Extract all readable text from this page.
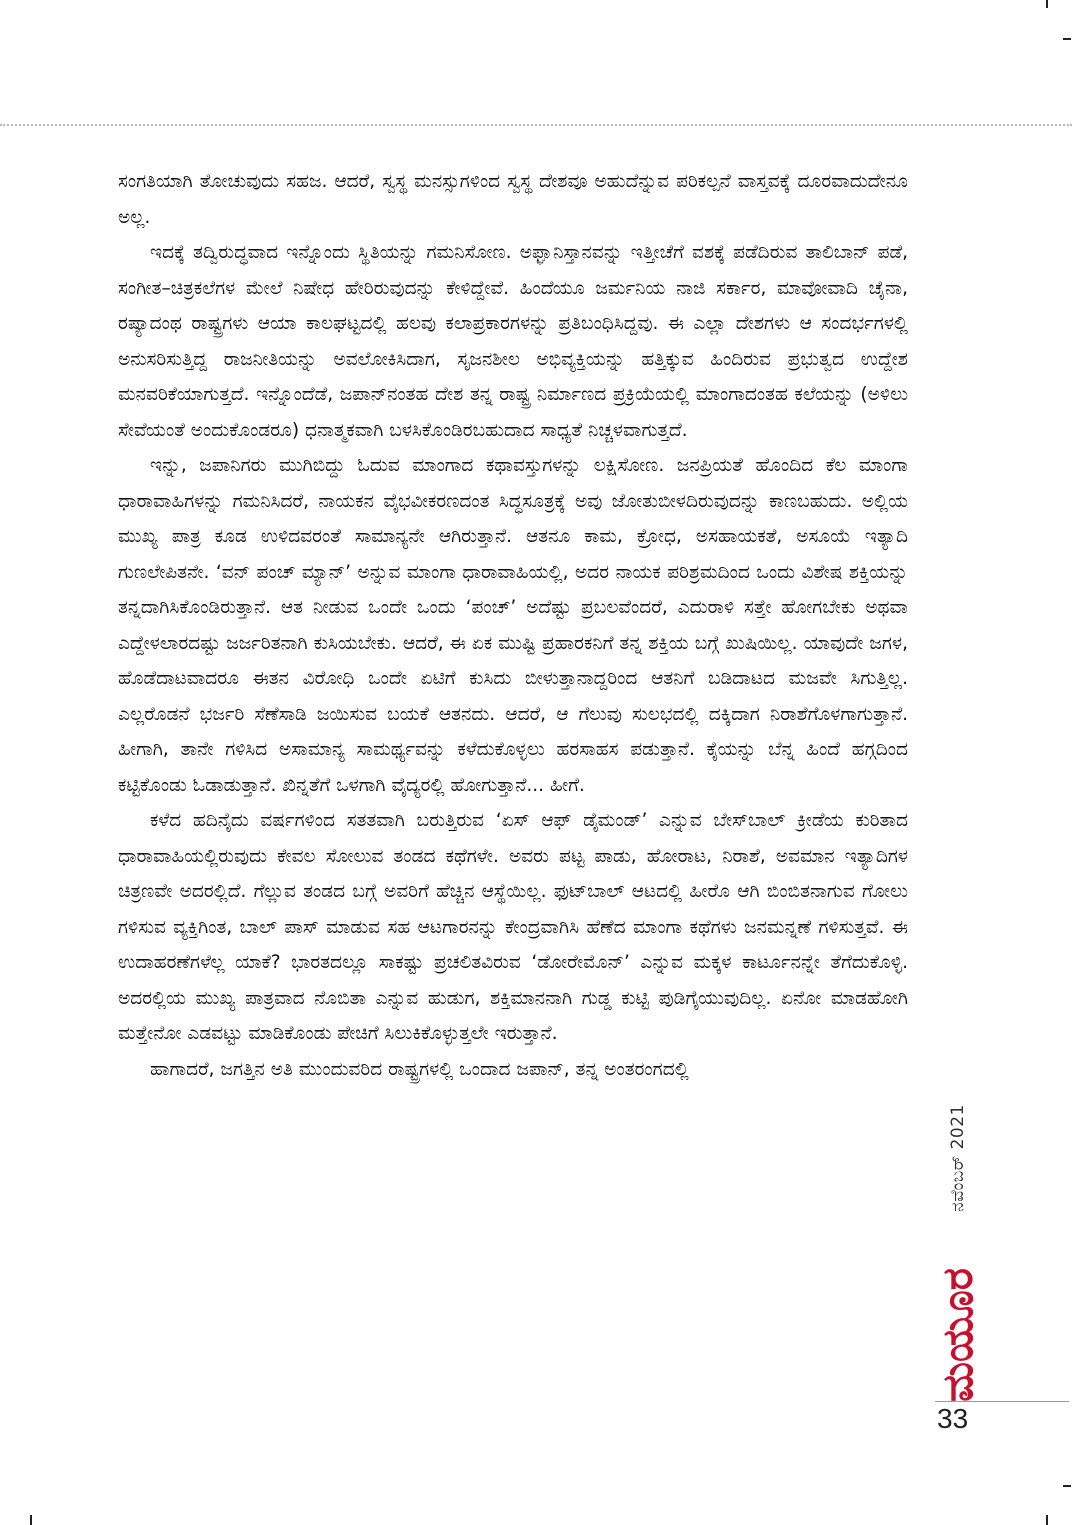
ಸಂಗತಿಯಾಗಿ ತೋಚುವುದು ಸಹಜ. ಆದರೆ, ಸ್ವಸ್ಥ ಮನಸ್ಸುಗಳಿಂದ ಸ್ವಸ್ಥ ದೇಶವೂ ಅಹುದೆನ್ನುವ ಪರಿಕಲ್ಪನೆ ವಾಸ್ತವಕ್ಕೆ ದೂರವಾದುದೇನೂ ಅಲ್ಲ.

ಇದಕ್ಕೆ ತದ್ವಿರುದ್ಧವಾದ ಇನ್ನೊಂದು ಸ್ಥಿತಿಯನ್ನು ಗಮನಿಸೋಣ. ಅಫ್ಘಾನಿಸ್ತಾನವನ್ನು ಇತ್ತೀಚೆಗೆ ವಶಕ್ಕೆ ಪಡೆದಿರುವ ತಾಲಿಬಾನ್ ಪಡೆ, ಸಂಗೀತ–ಚಿತ್ರಕಲೆಗಳ ಮೇಲೆ ನಿಷೇಧ ಹೇರಿರುವುದನ್ನು ಕೇಳಿದ್ದೇವೆ. ಹಿಂದೆಯೂ ಜರ್ಮನಿಯ ನಾಜಿ ಸರ್ಕಾರ, ಮಾವೋವಾದಿ ಚೈನಾ, ರಷ್ಯಾದಂಥ ರಾಷ್ಟ್ರಗಳು ಆಯಾ ಕಾಲಘಟ್ಟದಲ್ಲಿ ಹಲವು ಕಲಾಪ್ರಕಾರಗಳನ್ನು ಪ್ರತಿಬಂಧಿಸಿದ್ದವು. ಈ ಎಲ್ಲಾ ದೇಶಗಳು ಆ ಸಂದರ್ಭಗಳಲ್ಲಿ ಅನುಸರಿಸುತ್ತಿದ್ದ ರಾಜನೀತಿಯನ್ನು ಅವಲೋಕಿಸಿದಾಗ, ಸೃಜನಶೀಲ ಅಭಿವ್ಯಕ್ತಿಯನ್ನು ಹತ್ತಿಕ್ಕುವ ಹಿಂದಿರುವ ಪ್ರಭುತ್ವದ ಉದ್ದೇಶ ಮನವರಿಕೆಯಾಗುತ್ತದೆ. ಇನ್ನೊಂದೆಡೆ, ಜಪಾನ್‌ನಂತಹ ದೇಶ ತನ್ನ ರಾಷ್ಟ್ರ ನಿರ್ಮಾಣದ ಪ್ರಕ್ರಿಯೆಯಲ್ಲಿ ಮಾಂಗಾದಂತಹ ಕಲೆಯನ್ನು (ಅಳಿಲು ಸೇವೆಯಂತೆ ಅಂದುಕೊಂಡರೂ) ಧನಾತ್ಮಕವಾಗಿ ಬಳಸಿಕೊಂಡಿರಬಹುದಾದ ಸಾಧ್ಯತೆ ನಿಚ್ಚಳವಾಗುತ್ತದೆ.

ಇನ್ನು, ಜಪಾನಿಗರು ಮುಗಿಬಿದ್ದು ಓದುವ ಮಾಂಗಾದ ಕಥಾವಸ್ತುಗಳನ್ನು ಲಕ್ಷಿಸೋಣ. ಜನಪ್ರಿಯತೆ ಹೊಂದಿದ ಕೆಲ ಮಾಂಗಾ ಧಾರಾವಾಹಿಗಳನ್ನು ಗಮನಿಸಿದರೆ, ನಾಯಕನ ವೈಭವೀಕರಣದಂತ ಸಿದ್ಧಸೂತ್ರಕ್ಕೆ ಅವು ಜೋತುಬೀಳದಿರುವುದನ್ನು ಕಾಣಬಹುದು. ಅಲ್ಲಿಯ ಮುಖ್ಯ ಪಾತ್ರ ಕೂಡ ಉಳಿದವರಂತೆ ಸಾಮಾನ್ಯನೇ ಆಗಿರುತ್ತಾನೆ. ಆತನೂ ಕಾಮ, ಕ್ರೋಧ, ಅಸಹಾಯಕತೆ, ಅಸೂಯೆ ಇತ್ಯಾದಿ ಗುಣಲೇಪಿತನೇ. ‘ವನ್ ಪಂಚ್ ಮ್ಯಾನ್’ ಅನ್ನುವ ಮಾಂಗಾ ಧಾರಾವಾಹಿಯಲ್ಲಿ, ಅದರ ನಾಯಕ ಪರಿಶ್ರಮದಿಂದ ಒಂದು ವಿಶೇಷ ಶಕ್ತಿಯನ್ನು ತನ್ನದಾಗಿಸಿಕೊಂಡಿರುತ್ತಾನೆ. ಆತ ನೀಡುವ ಒಂದೇ ಒಂದು ‘ಪಂಚ್’ ಅದೆಷ್ಟು ಪ್ರಬಲವೆಂದರೆ, ಎದುರಾಳಿ ಸತ್ತೇ ಹೋಗಬೇಕು ಅಥವಾ ಎದ್ದೇಳಲಾರದಷ್ಟು ಜರ್ಜರಿತನಾಗಿ ಕುಸಿಯಬೇಕು. ಆದರೆ, ಈ ಏಕ ಮುಷ್ಟಿ ಪ್ರಹಾರಕನಿಗೆ ತನ್ನ ಶಕ್ತಿಯ ಬಗ್ಗೆ ಖುಷಿಯಿಲ್ಲ. ಯಾವುದೇ ಜಗಳ, ಹೊಡೆದಾಟವಾದರೂ ಈತನ ವಿರೋಧಿ ಒಂದೇ ಏಟಿಗೆ ಕುಸಿದು ಬೀಳುತ್ತಾನಾದ್ದರಿಂದ ಆತನಿಗೆ ಬಡಿದಾಟದ ಮಜವೇ ಸಿಗುತ್ತಿಲ್ಲ. ಎಲ್ಲರೊಡನೆ ಭರ್ಜರಿ ಸೆಣೆಸಾಡಿ ಜಯಿಸುವ ಬಯಕೆ ಆತನದು. ಆದರೆ, ಆ ಗೆಲುವು ಸುಲಭದಲ್ಲಿ ದಕ್ಕಿದಾಗ ನಿರಾಶೆಗೊಳಗಾಗುತ್ತಾನೆ. ಹೀಗಾಗಿ, ತಾನೇ ಗಳಿಸಿದ ಅಸಾಮಾನ್ಯ ಸಾಮರ್ಥ್ಯವನ್ನು ಕಳೆದುಕೊಳ್ಳಲು ಹರಸಾಹಸ ಪಡುತ್ತಾನೆ. ಕೈಯನ್ನು ಬೆನ್ನ ಹಿಂದೆ ಹಗ್ಗದಿಂದ ಕಟ್ಟಿಕೊಂಡು ಓಡಾಡುತ್ತಾನೆ. ಖಿನ್ನತೆಗೆ ಒಳಗಾಗಿ ವೈದ್ಯರಲ್ಲಿ ಹೋಗುತ್ತಾನೆ... ಹೀಗೆ.

ಕಳೆದ ಹದಿನೈದು ವರ್ಷಗಳಿಂದ ಸತತವಾಗಿ ಬರುತ್ತಿರುವ ‘ಏಸ್ ಆಫ್ ಡೈಮಂಡ್’ ಎನ್ನುವ ಬೇಸ್‌ಬಾಲ್ ಕ್ರೀಡೆಯ ಕುರಿತಾದ ಧಾರಾವಾಹಿಯಲ್ಲಿರುವುದು ಕೇವಲ ಸೋಲುವ ತಂಡದ ಕಥೆಗಳೇ. ಅವರು ಪಟ್ಟ ಪಾಡು, ಹೋರಾಟ, ನಿರಾಶೆ, ಅವಮಾನ ಇತ್ಯಾದಿಗಳ ಚಿತ್ರಣವೇ ಅದರಲ್ಲಿದೆ. ಗೆಲ್ಲುವ ತಂಡದ ಬಗ್ಗೆ ಅವರಿಗೆ ಹೆಚ್ಚಿನ ಆಸ್ಥೆಯಿಲ್ಲ. ಫುಟ್‌ಬಾಲ್ ಆಟದಲ್ಲಿ ಹೀರೊ ಆಗಿ ಬಿಂಬಿತನಾಗುವ ಗೋಲು ಗಳಿಸುವ ವ್ಯಕ್ತಿಗಿಂತ, ಬಾಲ್ ಪಾಸ್ ಮಾಡುವ ಸಹ ಆಟಗಾರನನ್ನು ಕೇಂದ್ರವಾಗಿಸಿ ಹೆಣೆದ ಮಾಂಗಾ ಕಥೆಗಳು ಜನಮನ್ನಣೆ ಗಳಿಸುತ್ತವೆ. ಈ ಉದಾಹರಣೆಗಳೆಲ್ಲ ಯಾಕೆ? ಭಾರತದಲ್ಲೂ ಸಾಕಷ್ಟು ಪ್ರಚಲಿತವಿರುವ ‘ಡೋರೇಮೊನ್’ ಎನ್ನುವ ಮಕ್ಕಳ ಕಾರ್ಟೂನನ್ನೇ ತೆಗೆದುಕೊಳ್ಳಿ. ಅದರಲ್ಲಿಯ ಮುಖ್ಯ ಪಾತ್ರವಾದ ನೊಬಿತಾ ಎನ್ನುವ ಹುಡುಗ, ಶಕ್ತಿಮಾನನಾಗಿ ಗುಡ್ಡ ಕುಟ್ಟಿ ಪುಡಿಗೈಯುವುದಿಲ್ಲ. ಏನೋ ಮಾಡಹೋಗಿ ಮತ್ತೇನೋ ಎಡವಟ್ಟು ಮಾಡಿಕೊಂಡು ಪೇಚಿಗೆ ಸಿಲುಕಿಕೊಳ್ಳುತ್ತಲೇ ಇರುತ್ತಾನೆ.

ಹಾಗಾದರೆ, ಜಗತ್ತಿನ ಅತಿ ಮುಂದುವರಿದ ರಾಷ್ಟ್ರಗಳಲ್ಲಿ ಒಂದಾದ ಜಪಾನ್, ತನ್ನ ಅಂತರಂಗದಲ್ಲಿ

ನವೆಂಬರ್ 2021
ಮಯೂರ
33
